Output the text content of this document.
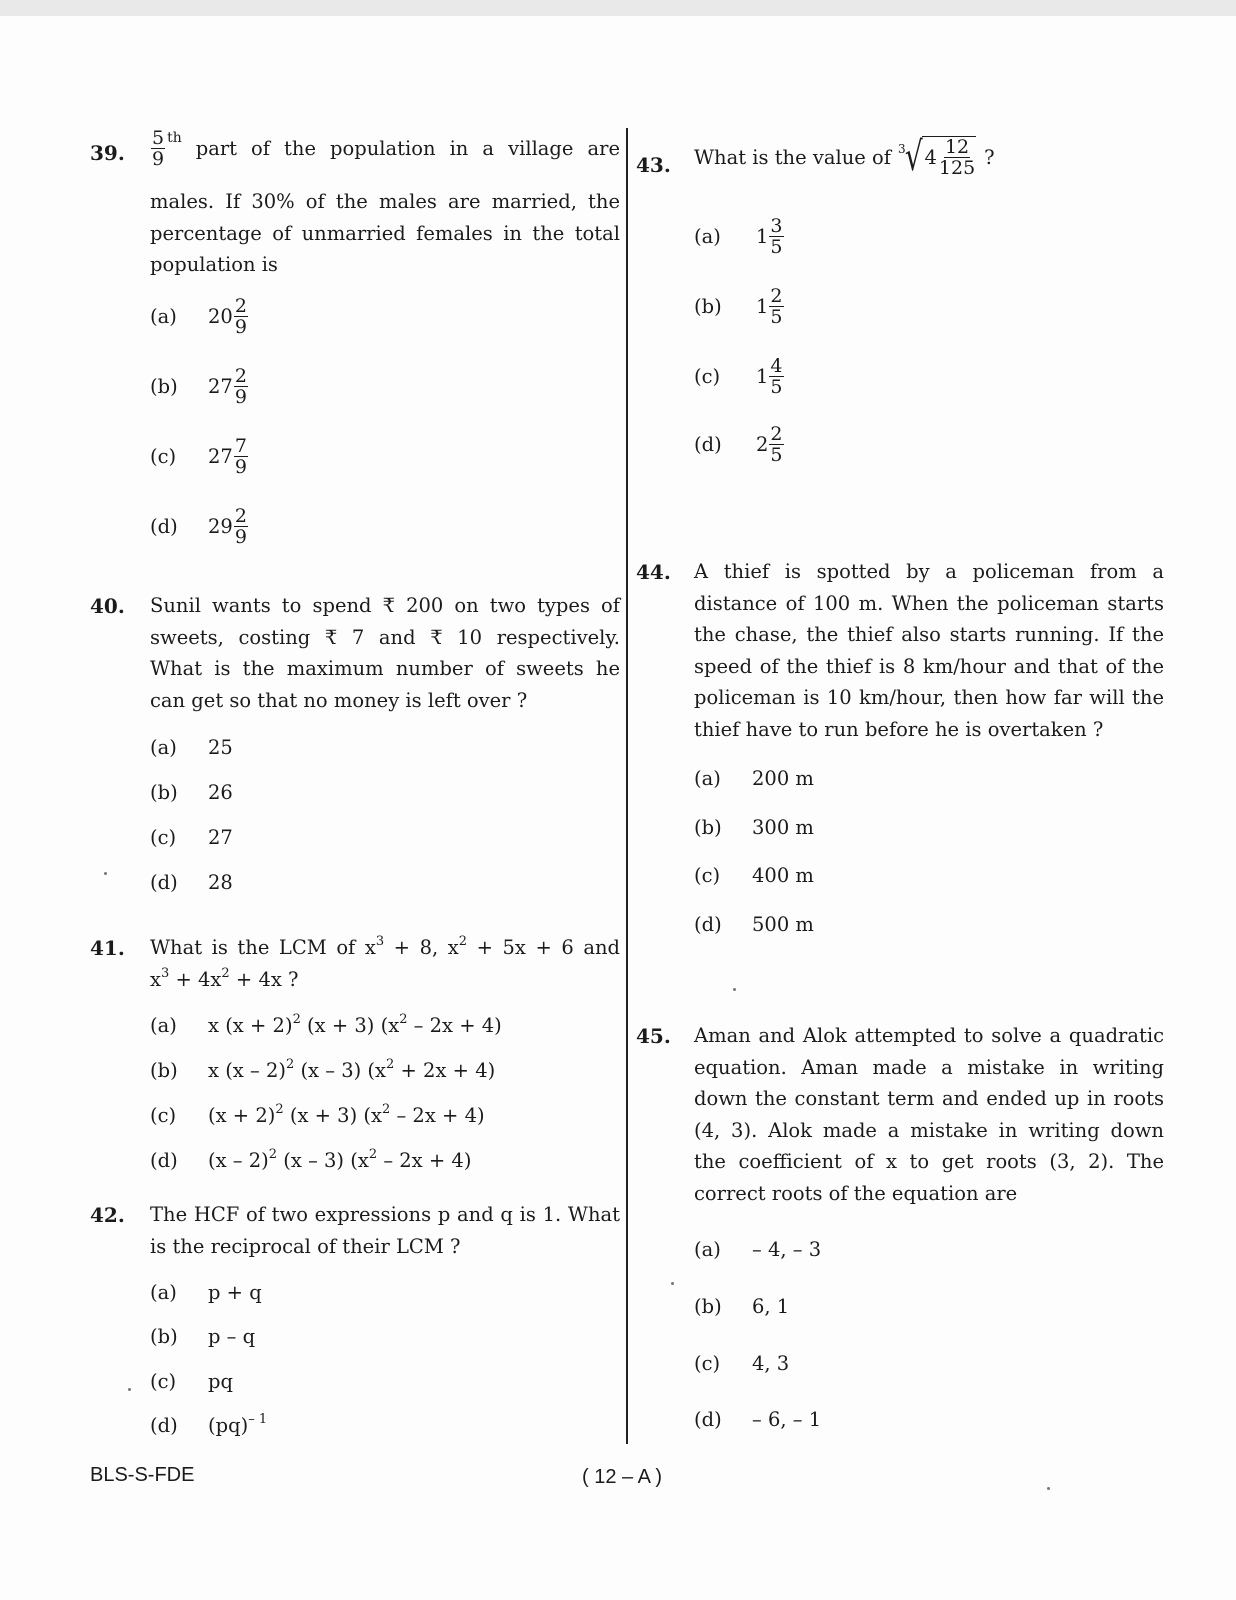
39. $\frac{5}{9}$ th part of the population in a village are
males. If 30% of the males are married, the
percentage of unmarried females in the total
population is
(a)	$20 \frac{2}{9}$
(b)	$27 \frac{2}{9}$
(c)	$27 \frac{7}{9}$
(d)	$29 \frac{2}{9}$
40. Sunil wants to spend ₹ 200 on two types of
sweets, costing ₹ 7 and ₹ 10 respectively.
What is the maximum number of sweets he
can get so that no money is left over ?
(a)	25
(b)	26
(c)	27
(d)	28
41. What is the LCM of $x^3 + 8$, $x^2 + 5x + 6$ and
$x^3 + 4x^2 + 4x$ ?
(a)	x $(x + 2)^2$ (x + 3) $(x^2 - 2x + 4)$
(b)	x (x – 2)$^2$ (x – 3) $(x^2 + 2x + 4)$
(c)	$(x + 2)^2$ (x + 3) $(x^2 - 2x + 4)$
(d)	(x – 2)$^2$ (x – 3) $(x^2 - 2x + 4)$
42. The HCF of two expressions p and q is 1. What
is the reciprocal of their LCM ?
(a)	p + q
(b)	p – q
(c)	pq
(d)	(pq)$^{- 1}$
43. What is the value of 3 √ $4 \frac{12}{125}$ ?
(a)	$1 \frac{3}{5}$
(b)	$1 \frac{2}{5}$
(c)	$1 \frac{4}{5}$
(d)	$2 \frac{2}{5}$
44. A thief is spotted by a policeman from a
distance of 100 m. When the policeman starts
the chase, the thief also starts running. If the
speed of the thief is 8 km/hour and that of the
policeman is 10 km/hour, then how far will the
thief have to run before he is overtaken ?
(a)	200 m
(b)	300 m
(c)	400 m
(d)	500 m
45. Aman and Alok attempted to solve a quadratic
equation. Aman made a mistake in writing
down the constant term and ended up in roots
(4, 3). Alok made a mistake in writing down
the coefficient of x to get roots (3, 2). The
correct roots of the equation are
(a)	– 4, – 3
(b)	6, 1
(c)	4, 3
(d)	– 6, – 1
BLS-S-FDE	( 12 – A )
